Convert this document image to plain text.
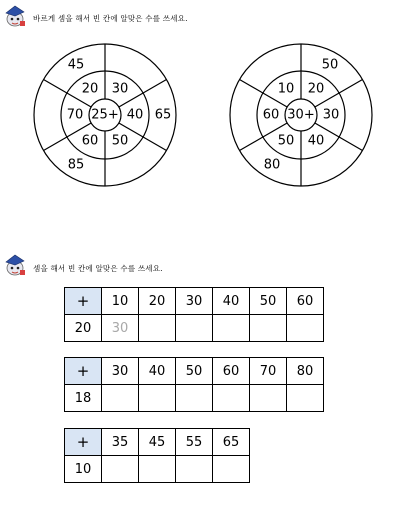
바르게 셈을 해서 빈 칸에 알맞은 수를 쓰세요.
25+
20 30
40
50
60
70
45
65
85
30+
10 20
30
40
50
60
50
80
셈을 해서 빈 칸에 알맞은 수를 쓰세요.
+	10	20	30	40	50	60
20	30					
+	30	40	50	60	70	80
18						
+	35	45	55	65
10				
